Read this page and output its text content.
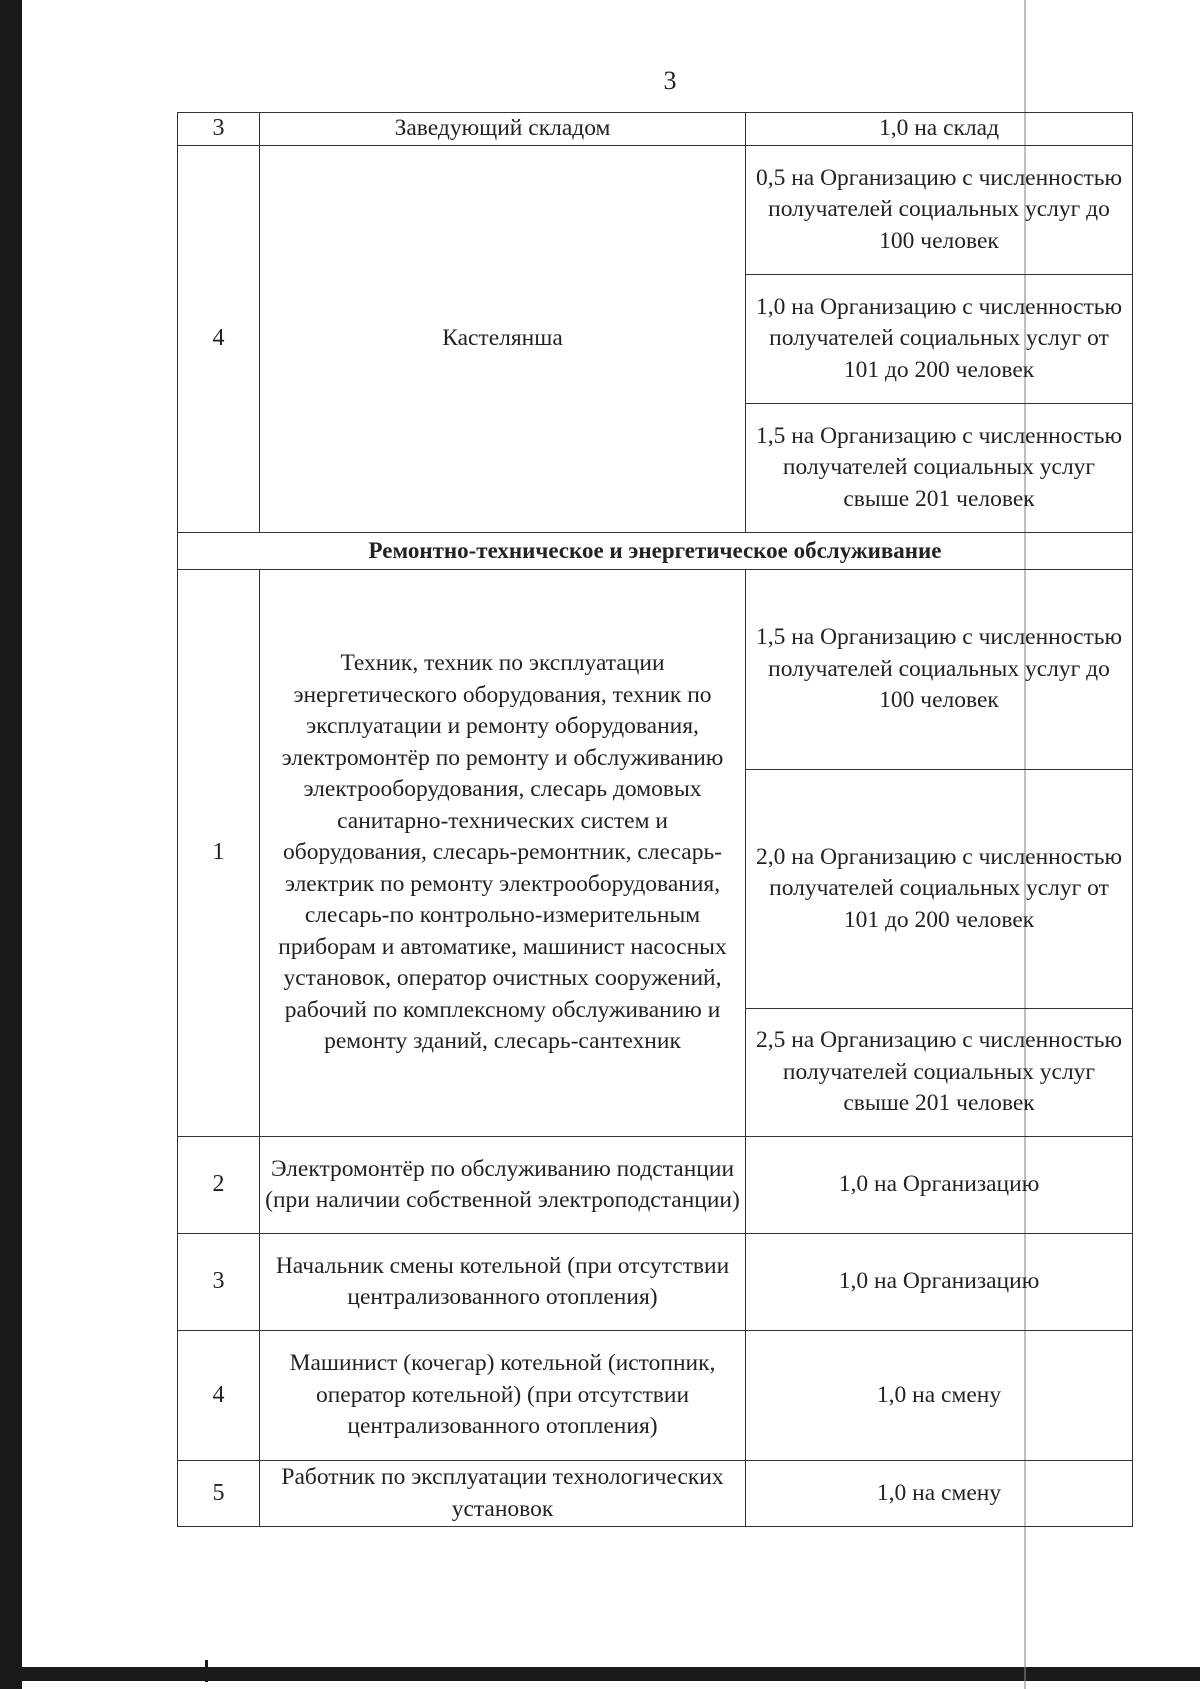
3
3	Заведующий складом	1,0 на склад
4	Кастелянша	0,5 на Организацию с численностью получателей социальных услуг до 100 человек
		1,0 на Организацию с численностью получателей социальных услуг от 101 до 200 человек
		1,5 на Организацию с численностью получателей социальных услуг свыше 201 человек
Ремонтно-техническое и энергетическое обслуживание		
1	Техник, техник по эксплуатации энергетического оборудования, техник по эксплуатации и ремонту оборудования, электромонтёр по ремонту и обслуживанию электрооборудования, слесарь домовых санитарно-технических систем и оборудования, слесарь-ремонтник, слесарь-электрик по ремонту электрооборудования, слесарь-по контрольно-измерительным приборам и автоматике, машинист насосных установок, оператор очистных сооружений, рабочий по комплексному обслуживанию и ремонту зданий, слесарь-сантехник	1,5 на Организацию с численностью получателей социальных услуг до 100 человек
		2,0 на Организацию с численностью получателей социальных услуг от 101 до 200 человек
		2,5 на Организацию с численностью получателей социальных услуг свыше 201 человек
2	Электромонтёр по обслуживанию подстанции (при наличии собственной электроподстанции)	1,0 на Организацию
3	Начальник смены котельной (при отсутствии централизованного отопления)	1,0 на Организацию
4	Машинист (кочегар) котельной (истопник, оператор котельной) (при отсутствии централизованного отопления)	1,0 на смену
5	Работник по эксплуатации технологических установок	1,0 на смену
